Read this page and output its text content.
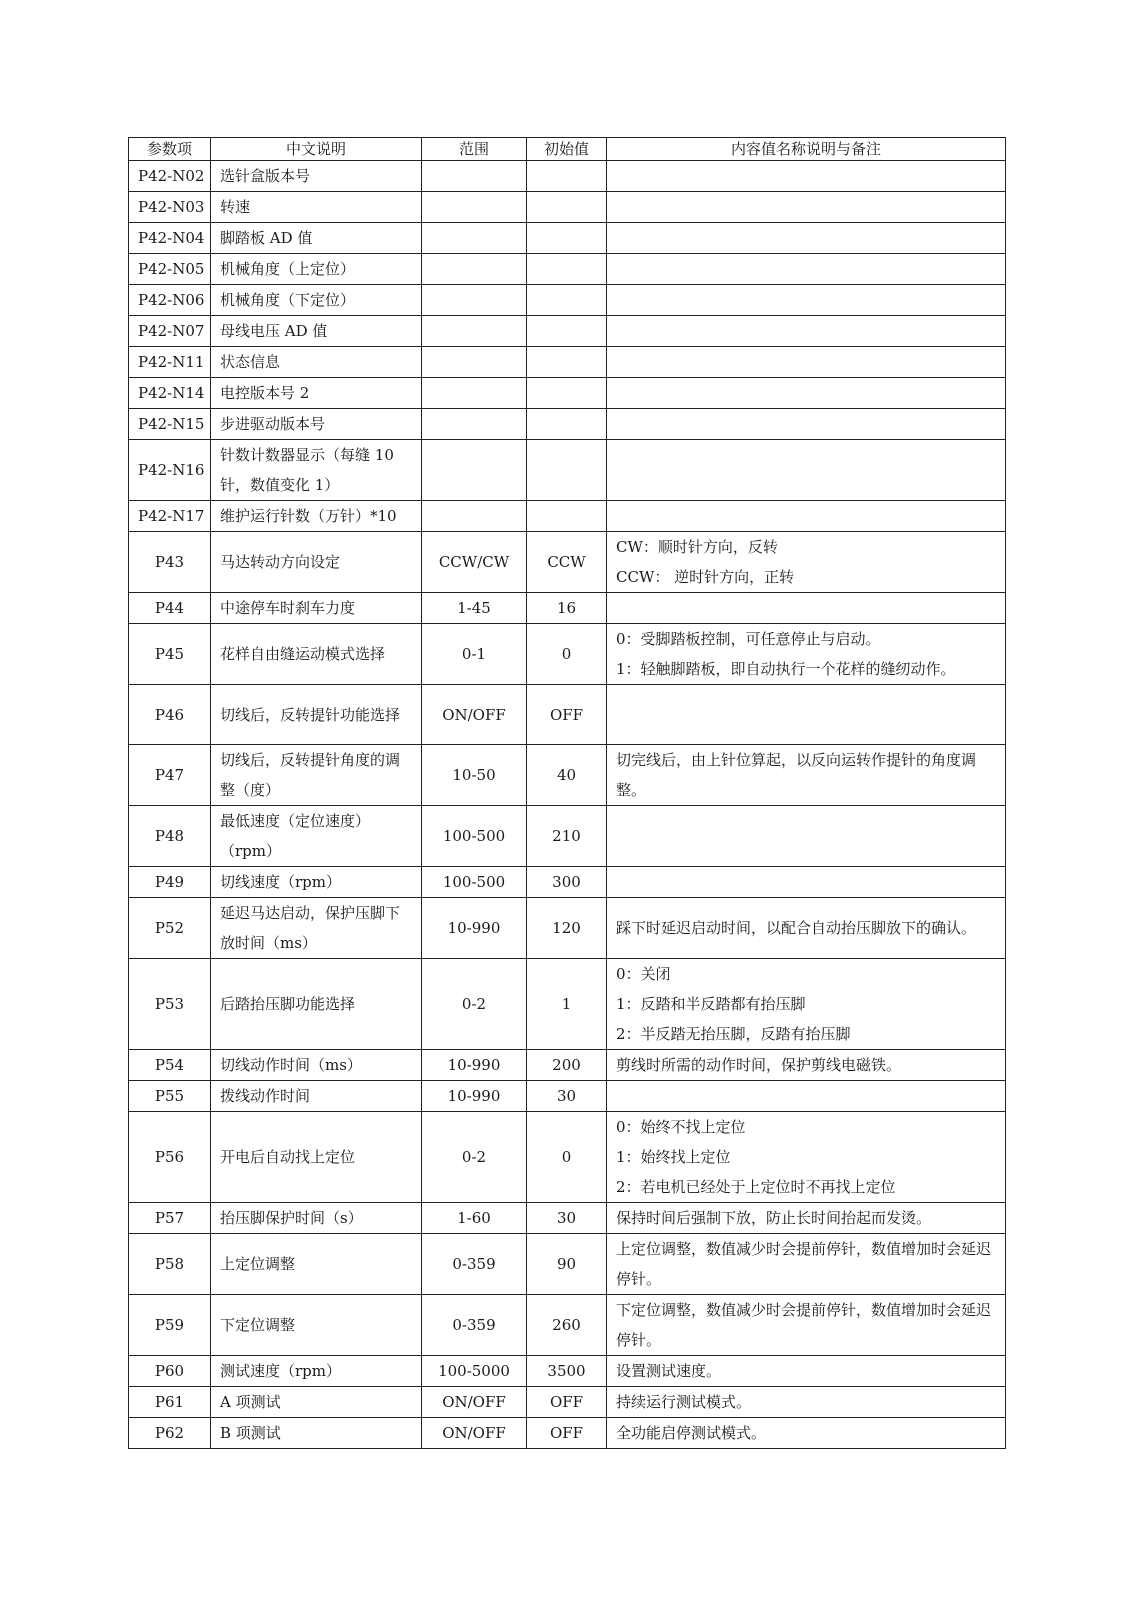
参数项	中文说明	范围	初始值	内容值名称说明与备注
P42-N02	选针盒版本号			
P42-N03	转速			
P42-N04	脚踏板 AD 值			
P42-N05	机械角度（上定位）			
P42-N06	机械角度（下定位）			
P42-N07	母线电压 AD 值			
P42-N11	状态信息			
P42-N14	电控版本号 2			
P42-N15	步进驱动版本号			
P42-N16	针数计数器显示（每缝 10 针，数值变化 1）			
P42-N17	维护运行针数（万针）*10			
P43	马达转动方向设定	CCW/CW	CCW	CW：顺时针方向，反转
CCW： 逆时针方向，正转

P44	中途停车时刹车力度	1-45	16	
P45	花样自由缝运动模式选择	0-1	0	0：受脚踏板控制，可任意停止与启动。
1：轻触脚踏板，即自动执行一个花样的缝纫动作。

P46	切线后，反转提针功能选择	ON/OFF	OFF	
P47	切线后，反转提针角度的调整（度）	10-50	40	切完线后，由上针位算起，以反向运转作提针的角度调整。

P48	最低速度（定位速度）（rpm）	100-500	210	
P49	切线速度（rpm）	100-500	300	
P52	延迟马达启动，保护压脚下放时间（ms）	10-990	120	踩下时延迟启动时间，以配合自动抬压脚放下的确认。

P53	后踏抬压脚功能选择	0-2	1	0：关闭
1：反踏和半反踏都有抬压脚
2：半反踏无抬压脚，反踏有抬压脚

P54	切线动作时间（ms）	10-990	200	剪线时所需的动作时间，保护剪线电磁铁。

P55	拨线动作时间	10-990	30	
P56	开电后自动找上定位	0-2	0	0：始终不找上定位
1：始终找上定位
2：若电机已经处于上定位时不再找上定位

P57	抬压脚保护时间（s）	1-60	30	保持时间后强制下放，防止长时间抬起而发烫。

P58	上定位调整	0-359	90	上定位调整，数值减少时会提前停针，数值增加时会延迟停针。

P59	下定位调整	0-359	260	下定位调整，数值减少时会提前停针，数值增加时会延迟停针。

P60	测试速度（rpm）	100-5000	3500	设置测试速度。

P61	A 项测试	ON/OFF	OFF	持续运行测试模式。

P62	B 项测试	ON/OFF	OFF	全功能启停测试模式。
